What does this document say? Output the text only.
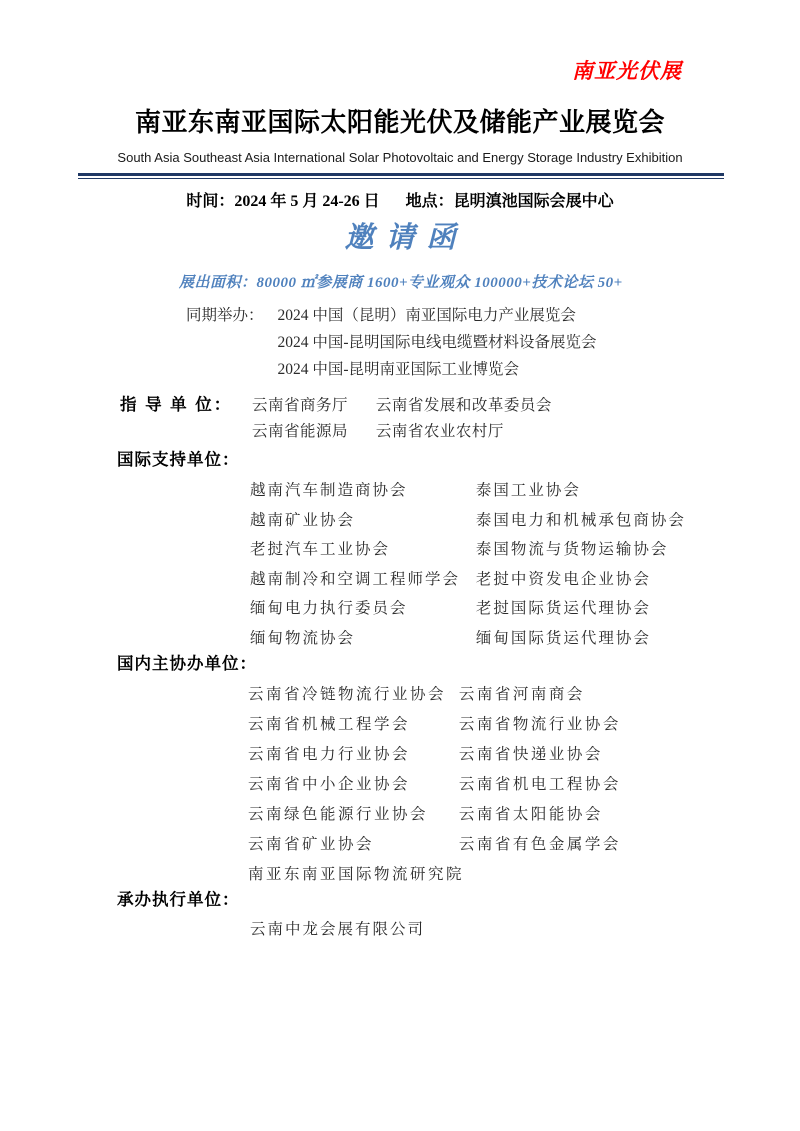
南亚光伏展
南亚东南亚国际太阳能光伏及储能产业展览会
South Asia Southeast Asia International Solar Photovoltaic and Energy Storage Industry Exhibition
时间：2024 年 5 月 24-26 日 地点：昆明滇池国际会展中心
邀请函
展出面积：80000 ㎡参展商 1600+专业观众 100000+技术论坛 50+
同期举办： 2024 中国（昆明）南亚国际电力产业展览会
2024 中国-昆明国际电线电缆暨材料设备展览会
2024 中国-昆明南亚国际工业博览会
指 导 单 位：	云南省商务厅 云南省发展和改革委员会
云南省能源局 云南省农业农村厅
国际支持单位：
越南汽车制造商协会	泰国工业协会
越南矿业协会	泰国电力和机械承包商协会
老挝汽车工业协会	泰国物流与货物运输协会
越南制冷和空调工程师学会 老挝中资发电企业协会
缅甸电力执行委员会	老挝国际货运代理协会
缅甸物流协会	缅甸国际货运代理协会
国内主协办单位：
云南省冷链物流行业协会 云南省河南商会
云南省机械工程学会	云南省物流行业协会
云南省电力行业协会	云南省快递业协会
云南省中小企业协会	云南省机电工程协会
云南绿色能源行业协会 云南省太阳能协会
云南省矿业协会	云南省有色金属学会
南亚东南亚国际物流研究院
承办执行单位：
云南中龙会展有限公司
